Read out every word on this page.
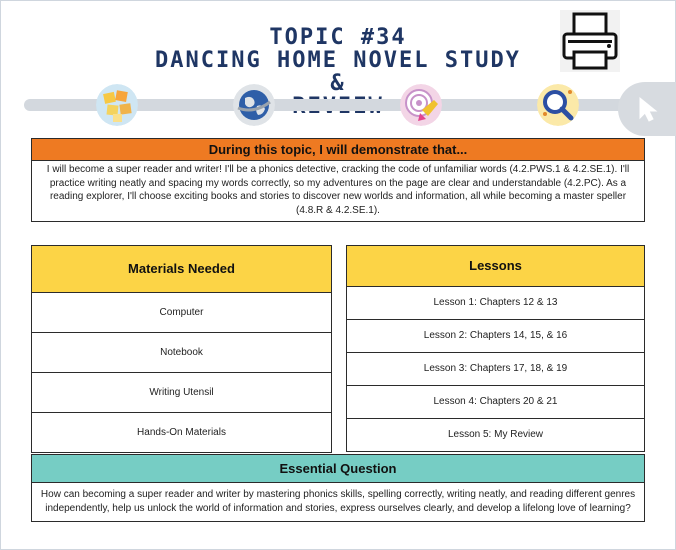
TOPIC #34
DANCING HOME NOVEL STUDY &
During this topic, I will demonstrate that...
I will become a super reader and writer! I'll be a phonics detective, cracking the code of unfamiliar words (4.2.PWS.1 & 4.2.SE.1). I'll practice writing neatly and spacing my words correctly, so my adventures on the page are clear and understandable (4.2.PC). As a reading explorer, I'll choose exciting books and stories to discover new worlds and information, all while becoming a master speller (4.8.R & 4.2.SE.1).
Materials Needed
Computer
Notebook
Writing Utensil
Hands-On Materials
Lessons
Lesson 1: Chapters 12 & 13
Lesson 2: Chapters 14, 15, & 16
Lesson 3: Chapters 17, 18, & 19
Lesson 4: Chapters 20 & 21
Lesson 5: My Review
Essential Question
How can becoming a super reader and writer by mastering phonics skills, spelling correctly, writing neatly, and reading different genres independently, help us unlock the world of information and stories, express ourselves clearly, and develop a lifelong love of learning?
